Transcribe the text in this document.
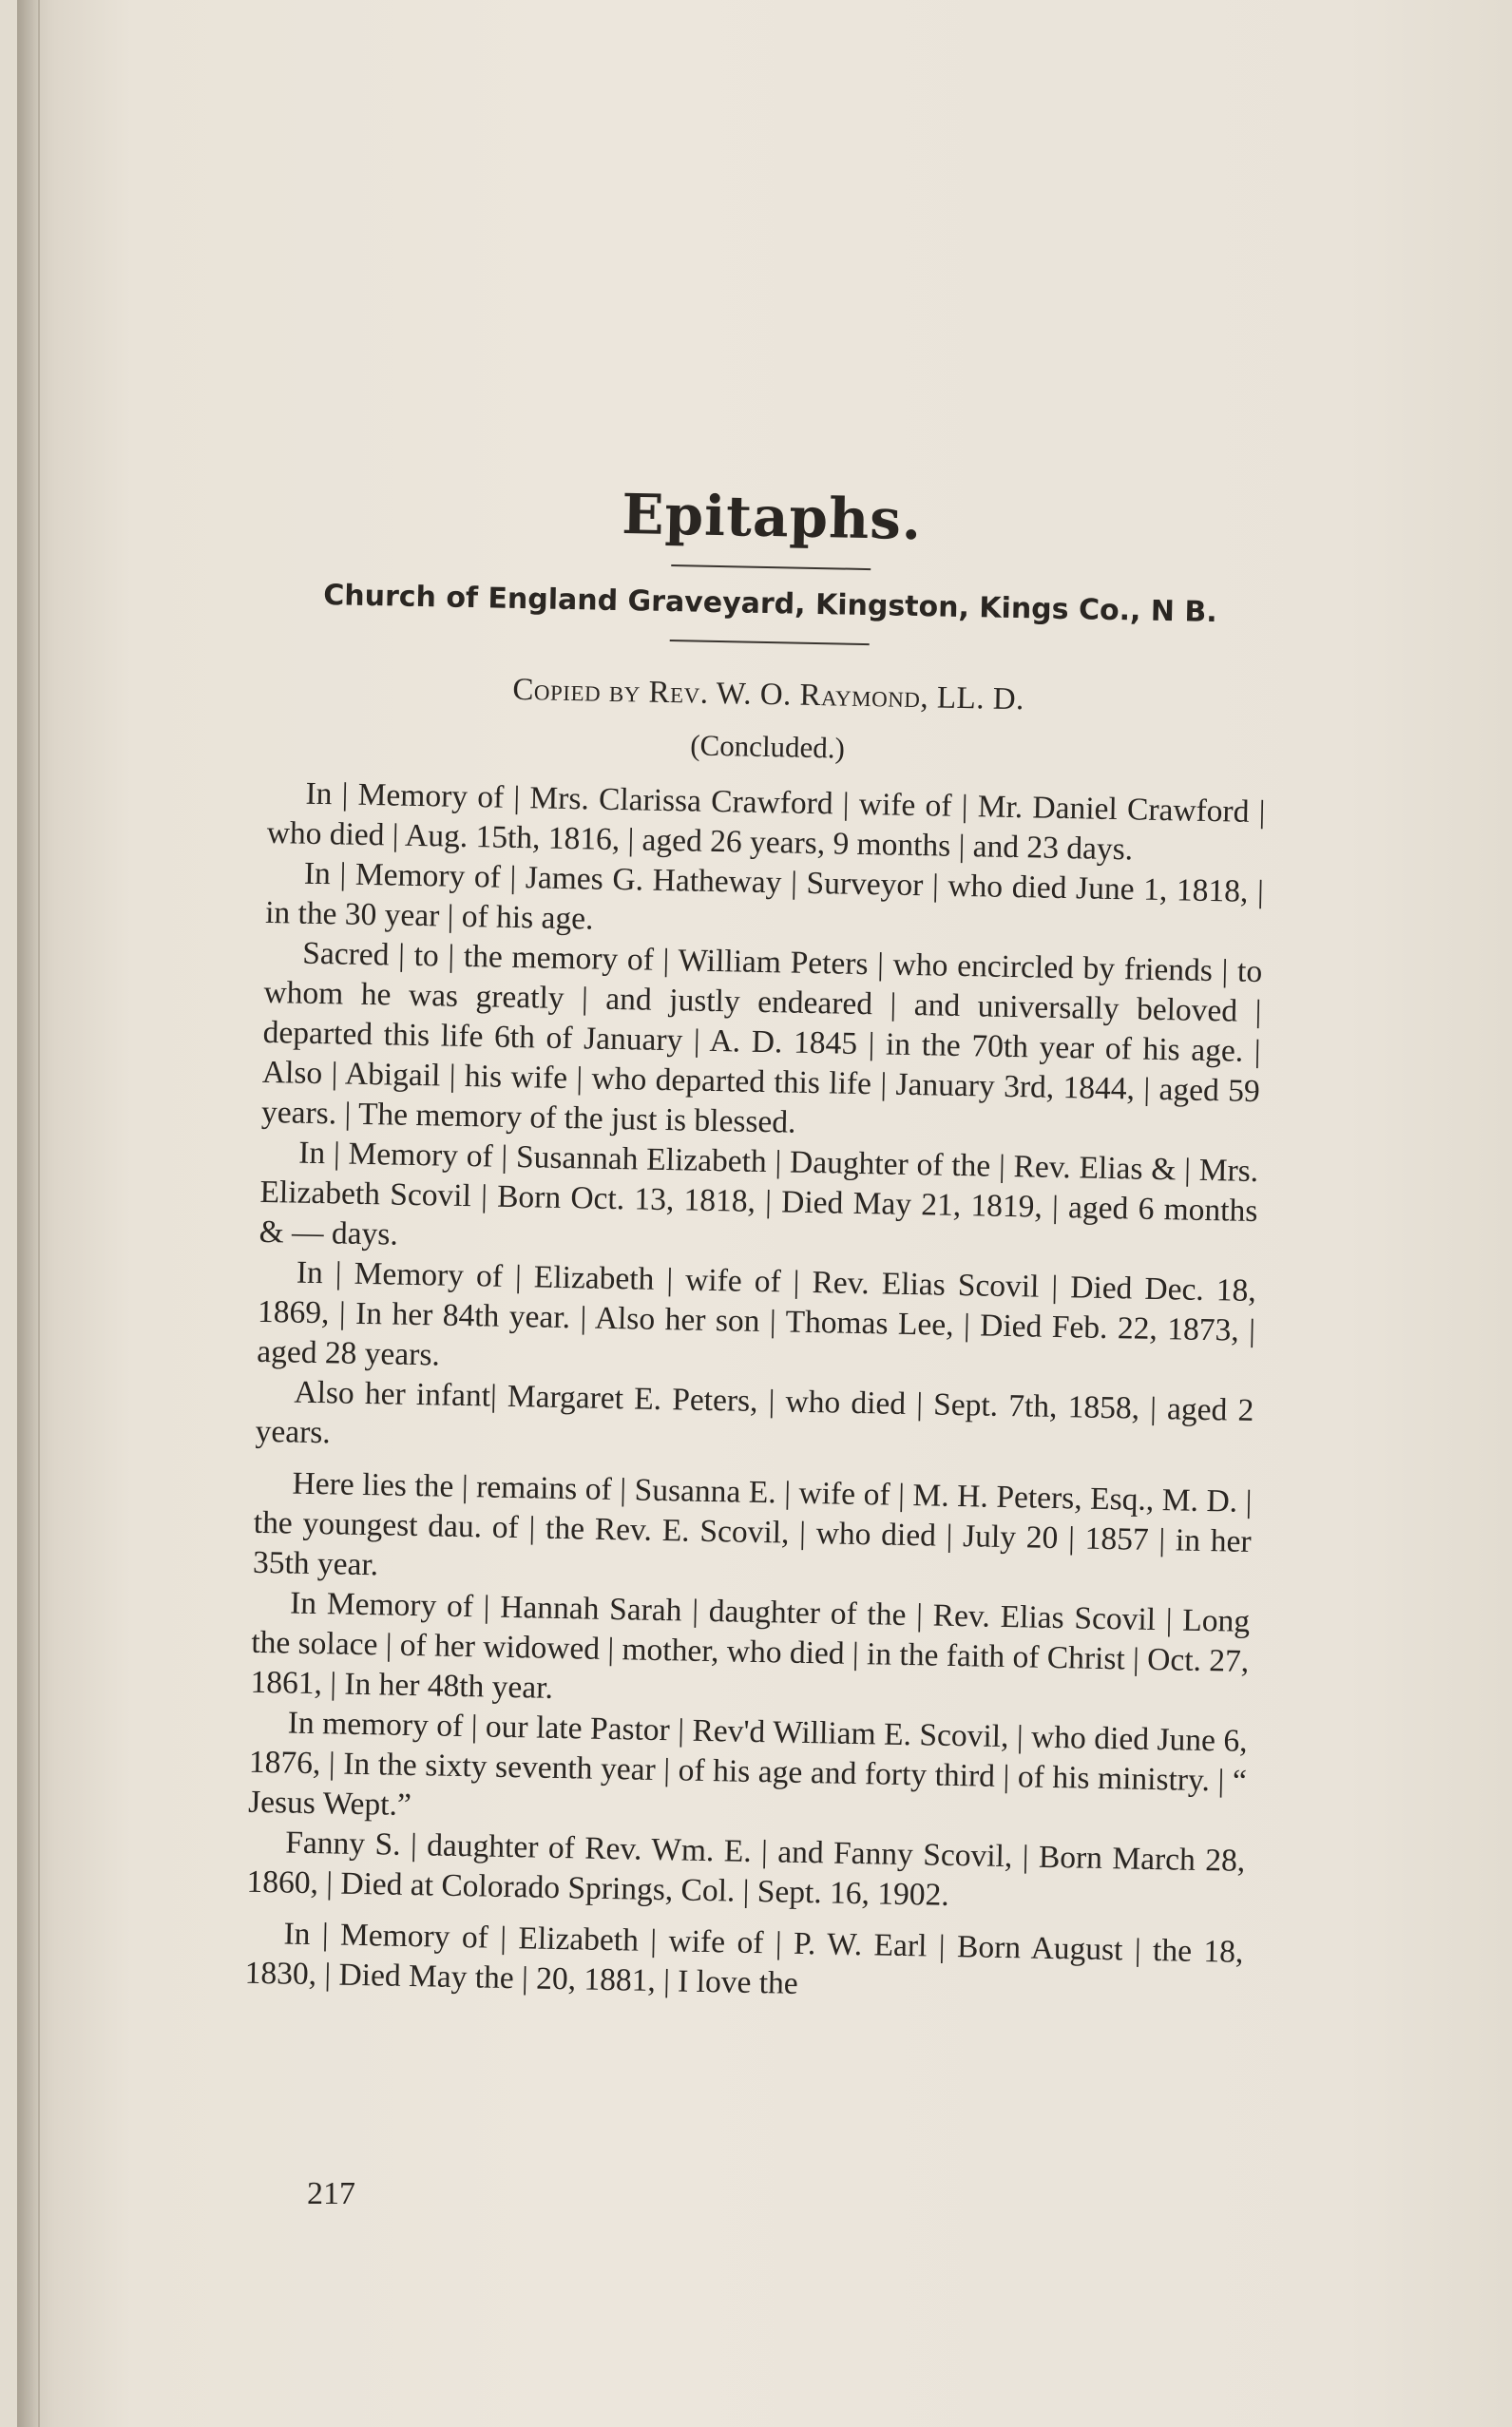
Epitaphs.
Church of England Graveyard, Kingston, Kings Co., N B.
Copied by Rev. W. O. Raymond, LL. D.
(Concluded.)

In | Memory of | Mrs. Clarissa Crawford | wife of | Mr. Daniel Crawford | who died | Aug. 15th, 1816, | aged 26 years, 9 months | and 23 days.

In | Memory of | James G. Hatheway | Surveyor | who died June 1, 1818, | in the 30 year | of his age.

Sacred | to | the memory of | William Peters | who encircled by friends | to whom he was greatly | and justly endeared | and universally beloved | departed this life 6th of January | A. D. 1845 | in the 70th year of his age. | Also | Abigail | his wife | who departed this life | January 3rd, 1844, | aged 59 years. | The memory of the just is blessed.

In | Memory of | Susannah Elizabeth | Daughter of the | Rev. Elias & | Mrs. Elizabeth Scovil | Born Oct. 13, 1818, | Died May 21, 1819, | aged 6 months & — days.

In | Memory of | Elizabeth | wife of | Rev. Elias Scovil | Died Dec. 18, 1869, | In her 84th year. | Also her son | Thomas Lee, | Died Feb. 22, 1873, | aged 28 years.

Also her infant| Margaret E. Peters, | who died | Sept. 7th, 1858, | aged 2 years.

Here lies the | remains of | Susanna E. | wife of | M. H. Peters, Esq., M. D. | the youngest dau. of | the Rev. E. Scovil, | who died | July 20 | 1857 | in her 35th year.

In Memory of | Hannah Sarah | daughter of the | Rev. Elias Scovil | Long the solace | of her widowed | mother, who died | in the faith of Christ | Oct. 27, 1861, | In her 48th year.

In memory of | our late Pastor | Rev'd William E. Scovil, | who died June 6, 1876, | In the sixty seventh year | of his age and forty third | of his ministry. | “ Jesus Wept.”

Fanny S. | daughter of Rev. Wm. E. | and Fanny Scovil, | Born March 28, 1860, | Died at Colorado Springs, Col. | Sept. 16, 1902.

In | Memory of | Elizabeth | wife of | P. W. Earl | Born August | the 18, 1830, | Died May the | 20, 1881, | I love the

217
